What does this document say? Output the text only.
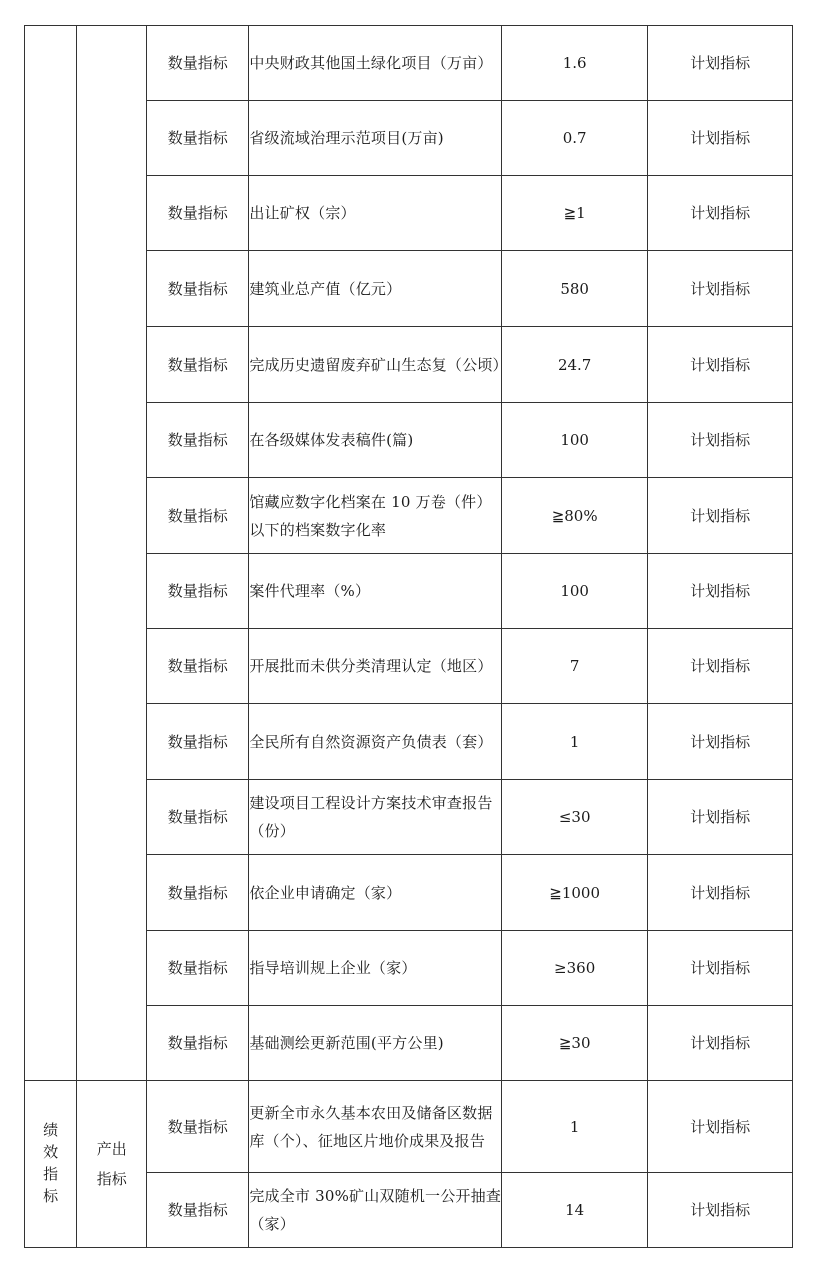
		数量指标	中央财政其他国土绿化项目（万亩）	1.6	计划指标
		数量指标	省级流域治理示范项目(万亩)	0.7	计划指标
		数量指标	出让矿权（宗）	≧1	计划指标
		数量指标	建筑业总产值（亿元）	580	计划指标
		数量指标	完成历史遗留废弃矿山生态复（公顷）	24.7	计划指标
		数量指标	在各级媒体发表稿件(篇)	100	计划指标
		数量指标	馆藏应数字化档案在 10 万卷（件）以下的档案数字化率	≧80%	计划指标
		数量指标	案件代理率（%）	100	计划指标
		数量指标	开展批而未供分类清理认定（地区）	7	计划指标
		数量指标	全民所有自然资源资产负债表（套）	1	计划指标
		数量指标	建设项目工程设计方案技术审查报告（份）	≤30	计划指标
		数量指标	依企业申请确定（家）	≧1000	计划指标
		数量指标	指导培训规上企业（家）	≥360	计划指标
		数量指标	基础测绘更新范围(平方公里)	≧30	计划指标
绩效指标	产出指标	数量指标	更新全市永久基本农田及储备区数据库（个）、征地区片地价成果及报告	1	计划指标
		数量指标	完成全市 30%矿山双随机一公开抽查（家）	14	计划指标
